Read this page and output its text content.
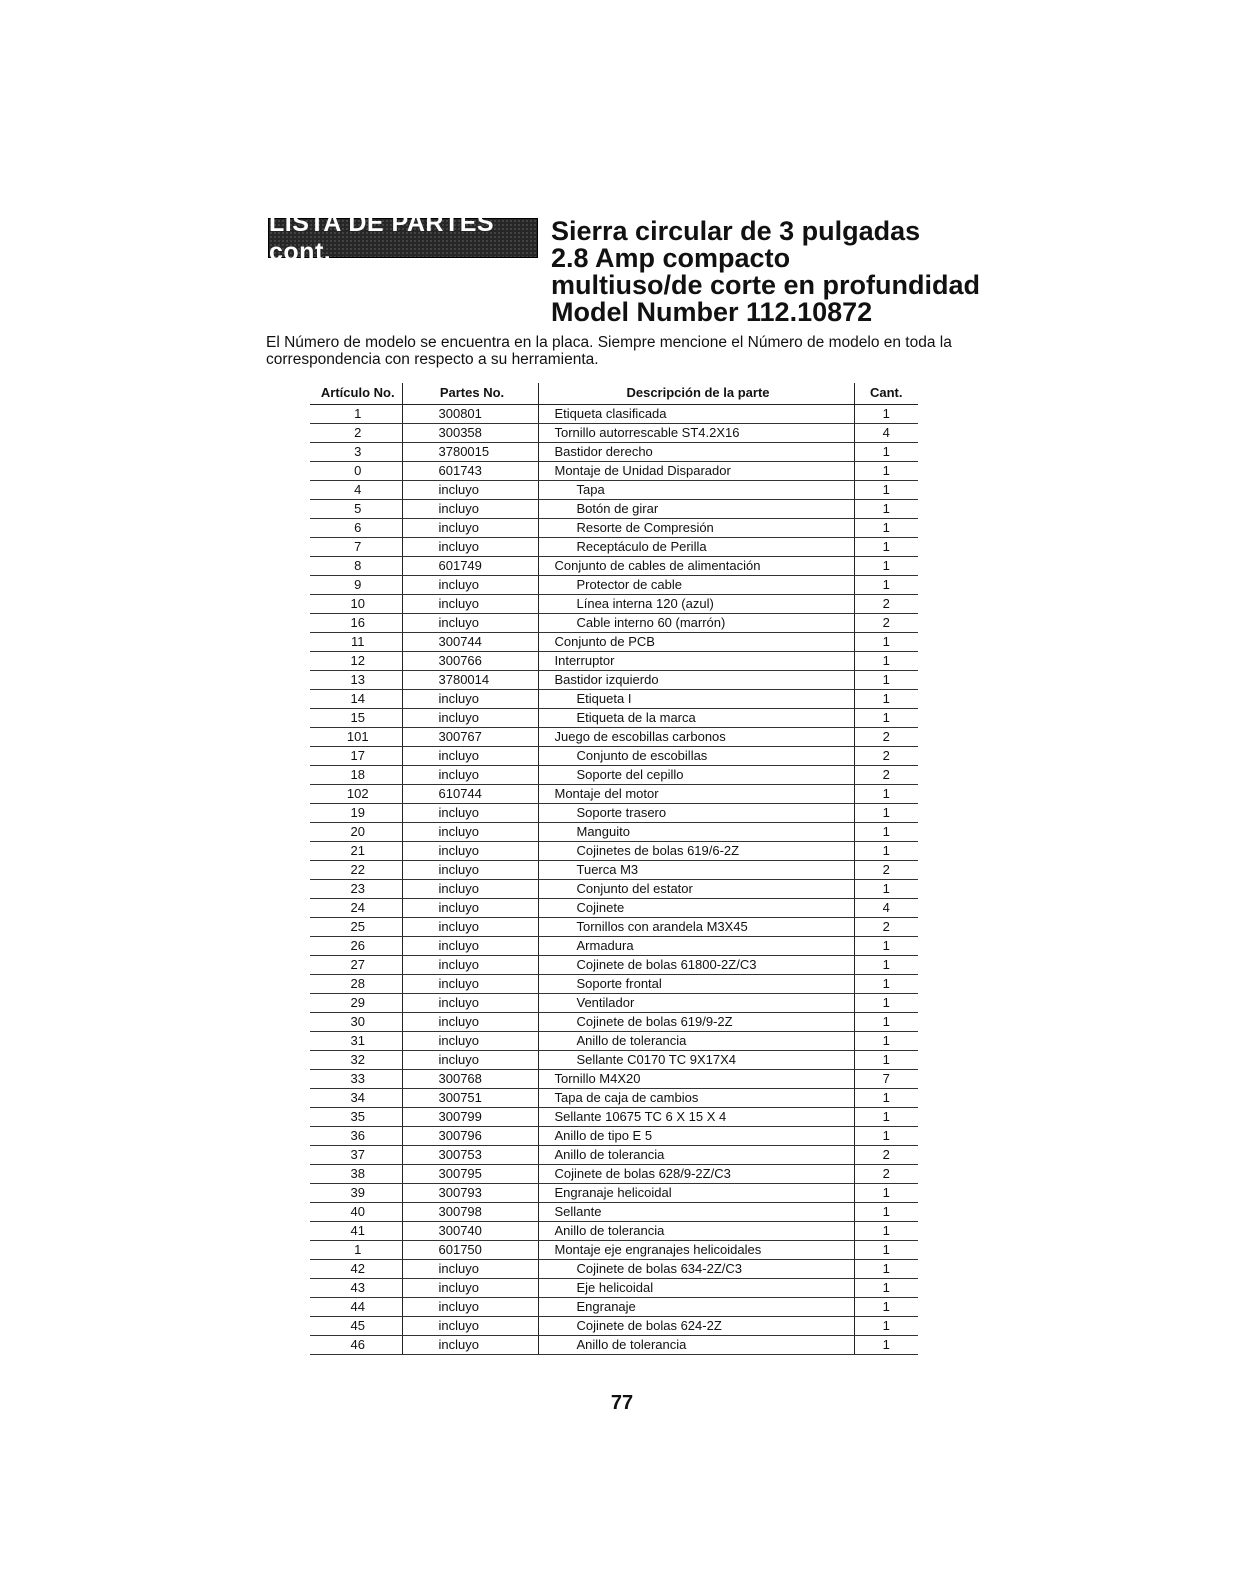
LISTA DE PARTES cont.
Sierra circular de 3 pulgadas
2.8 Amp compacto
multiuso/de corte en profundidad
Model Number 112.10872

El Número de modelo se encuentra en la placa. Siempre mencione el Número de modelo en toda la correspondencia con respecto a su herramienta.

Artículo No.	Partes No.	Descripción de la parte	Cant.
1	300801	Etiqueta clasificada	1
2	300358	Tornillo autorrescable ST4.2X16	4
3	3780015	Bastidor derecho	1
0	601743	Montaje de Unidad Disparador	1
4	incluyo	Tapa	1
5	incluyo	Botón de girar	1
6	incluyo	Resorte de Compresión	1
7	incluyo	Receptáculo de Perilla	1
8	601749	Conjunto de cables de alimentación	1
9	incluyo	Protector de cable	1
10	incluyo	Línea interna 120 (azul)	2
16	incluyo	Cable interno 60 (marrón)	2
11	300744	Conjunto de PCB	1
12	300766	Interruptor	1
13	3780014	Bastidor izquierdo	1
14	incluyo	Etiqueta I	1
15	incluyo	Etiqueta de la marca	1
101	300767	Juego de escobillas carbonos	2
17	incluyo	Conjunto de escobillas	2
18	incluyo	Soporte del cepillo	2
102	610744	Montaje del motor	1
19	incluyo	Soporte trasero	1
20	incluyo	Manguito	1
21	incluyo	Cojinetes de bolas 619/6-2Z	1
22	incluyo	Tuerca M3	2
23	incluyo	Conjunto del estator	1
24	incluyo	Cojinete	4
25	incluyo	Tornillos con arandela M3X45	2
26	incluyo	Armadura	1
27	incluyo	Cojinete de bolas 61800-2Z/C3	1
28	incluyo	Soporte frontal	1
29	incluyo	Ventilador	1
30	incluyo	Cojinete de bolas 619/9-2Z	1
31	incluyo	Anillo de tolerancia	1
32	incluyo	Sellante C0170 TC 9X17X4	1
33	300768	Tornillo M4X20	7
34	300751	Tapa de caja de cambios	1
35	300799	Sellante 10675 TC 6 X 15 X 4	1
36	300796	Anillo de tipo E 5	1
37	300753	Anillo de tolerancia	2
38	300795	Cojinete de bolas 628/9-2Z/C3	2
39	300793	Engranaje helicoidal	1
40	300798	Sellante	1
41	300740	Anillo de tolerancia	1
1	601750	Montaje eje engranajes helicoidales	1
42	incluyo	Cojinete de bolas 634-2Z/C3	1
43	incluyo	Eje helicoidal	1
44	incluyo	Engranaje	1
45	incluyo	Cojinete de bolas 624-2Z	1
46	incluyo	Anillo de tolerancia	1
77
